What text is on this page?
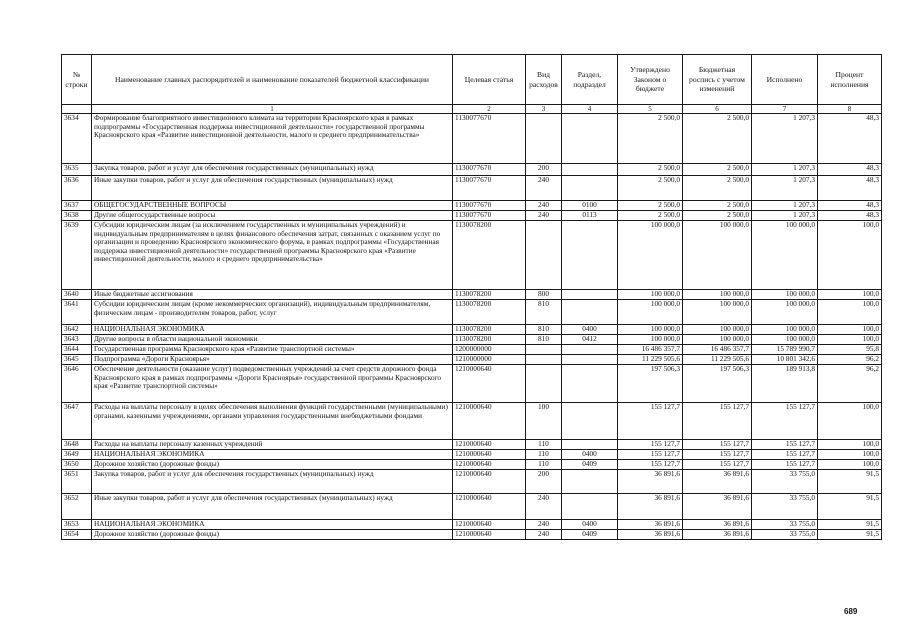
№ строки	Наименование главных распорядителей и наименование показателей бюджетной классификации	Целевая статья	Вид расходов	Раздел, подраздел	Утверждено Законом о бюджете	Бюджетная роспись с учетом изменений	Исполнено	Процент исполнения
	1	2	3	4	5	6	7	8
3634	Формирование благоприятного инвестиционного климата на территории Красноярского края в рамках подпрограммы «Государственная поддержка инвестиционной деятельности» государственной программы Красноярского края «Развитие инвестиционной деятельности, малого и среднего предпринимательства»	1130077670			2 500,0	2 500,0	1 207,3	48,3
3635	Закупка товаров, работ и услуг для обеспечения государственных (муниципальных) нужд	1130077670	200		2 500,0	2 500,0	1 207,3	48,3
3636	Иные закупки товаров, работ и услуг для обеспечения государственных (муниципальных) нужд	1130077670	240		2 500,0	2 500,0	1 207,3	48,3
3637	ОБЩЕГОСУДАРСТВЕННЫЕ ВОПРОСЫ	1130077670	240	0100	2 500,0	2 500,0	1 207,3	48,3
3638	Другие общегосударственные вопросы	1130077670	240	0113	2 500,0	2 500,0	1 207,3	48,3
3639	Субсидии юридическим лицам (за исключением государственных и муниципальных учреждений) и индивидуальным предпринимателям в целях финансового обеспечения затрат, связанных с оказанием услуг по организации и проведению Красноярского экономического форума, в рамках подпрограммы «Государственная поддержка инвестиционной деятельности» государственной программы Красноярского края «Развитие инвестиционной деятельности, малого и среднего предпринимательства»	1130078200			100 000,0	100 000,0	100 000,0	100,0
3640	Иные бюджетные ассигнования	1130078200	800		100 000,0	100 000,0	100 000,0	100,0
3641	Субсидии юридическим лицам (кроме некоммерческих организаций), индивидуальным предпринимателям, физическим лицам - производителям товаров, работ, услуг	1130078200	810		100 000,0	100 000,0	100 000,0	100,0
3642	НАЦИОНАЛЬНАЯ ЭКОНОМИКА	1130078200	810	0400	100 000,0	100 000,0	100 000,0	100,0
3643	Другие вопросы в области национальной экономики	1130078200	810	0412	100 000,0	100 000,0	100 000,0	100,0
3644	Государственная программа Красноярского края «Развитие транспортной системы»	1200000000			16 486 357,7	16 486 357,7	15 789 990,7	95,8
3645	Подпрограмма «Дороги Красноярья»	1210000000			11 229 505,6	11 229 505,6	10 801 342,6	96,2
3646	Обеспечение деятельности (оказание услуг) подведомственных учреждений за счет средств дорожного фонда Красноярского края в рамках подпрограммы «Дороги Красноярья» государственной программы Красноярского края «Развитие транспортной системы»	1210000640			197 506,3	197 506,3	189 913,8	96,2
3647	Расходы на выплаты персоналу в целях обеспечения выполнения функций государственными (муниципальными) органами, казенными учреждениями, органами управления государственными внебюджетными фондами	1210000640	100		155 127,7	155 127,7	155 127,7	100,0
3648	Расходы на выплаты персоналу казенных учреждений	1210000640	110		155 127,7	155 127,7	155 127,7	100,0
3649	НАЦИОНАЛЬНАЯ ЭКОНОМИКА	1210000640	110	0400	155 127,7	155 127,7	155 127,7	100,0
3650	Дорожное хозяйство (дорожные фонды)	1210000640	110	0409	155 127,7	155 127,7	155 127,7	100,0
3651	Закупка товаров, работ и услуг для обеспечения государственных (муниципальных) нужд	1210000640	200		36 891,6	36 891,6	33 755,0	91,5
3652	Иные закупки товаров, работ и услуг для обеспечения государственных (муниципальных) нужд	1210000640	240		36 891,6	36 891,6	33 755,0	91,5
3653	НАЦИОНАЛЬНАЯ ЭКОНОМИКА	1210000640	240	0400	36 891,6	36 891,6	33 755,0	91,5
3654	Дорожное хозяйство (дорожные фонды)	1210000640	240	0409	36 891,6	36 891,6	33 755,0	91,5
689
